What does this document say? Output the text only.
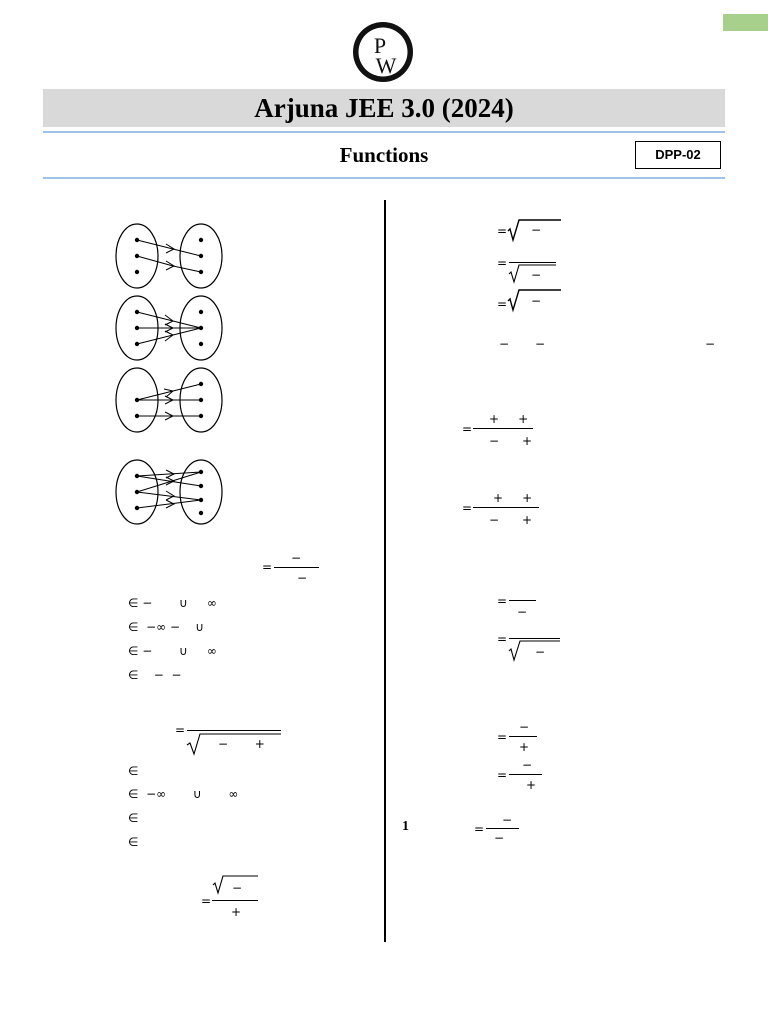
P
W
Arjuna JEE 3.0 (2024)
Functions	DPP-02
=
−
−
∈ −       ∪     ∞
∈  −∞ −    ∪
∈ −       ∪     ∞
∈    −  −
=
−       +
∈
∈  −∞       ∪       ∞
∈
∈
=
−
+
= −
=
−
= −
− −	−
=
+     +
−      +
=
+     +
−      +
=
−
=
−
=
−
+
=
−
+
1	=
−
−
